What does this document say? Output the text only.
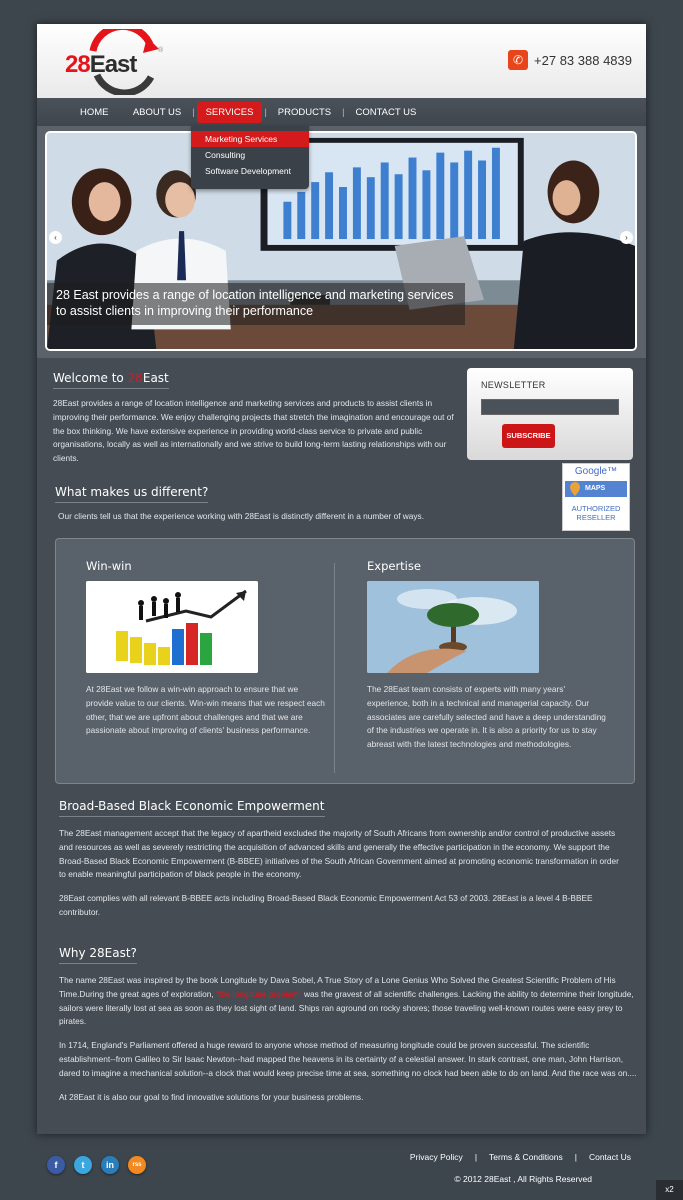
28East
®
✆ +27 83 388 4839
HOME	ABOUT US	|	SERVICES	|	PRODUCTS	|	CONTACT US
28 East provides a range of location intelligence and marketing services to assist clients in improving their performance
‹	›
Welcome to 28East

28East provides a range of location intelligence and marketing services and products to assist clients in improving their performance. We enjoy challenging projects that stretch the imagination and encourage out of the box thinking. We have extensive experience in providing world-class service to private and public organisations, locally as well as internationally and we strive to build long-term lasting relationships with our clients.

NEWSLETTER
SUBSCRIBE
Google™
MAPS
AUTHORIZED
RESELLER
What makes us different?

Our clients tell us that the experience working with 28East is distinctly different in a number of ways.

Win-win

At 28East we follow a win-win approach to ensure that we provide value to our clients. Win-win means that we respect each other, that we are upfront about challenges and that we are passionate about improving of clients' business performance.

Expertise

The 28East team consists of experts with many years' experience, both in a technical and managerial capacity. Our associates are carefully selected and have a deep understanding of the industries we operate in. It is also a priority for us to stay abreast with the latest technologies and methodologies.

Broad-Based Black Economic Empowerment

The 28East management accept that the legacy of apartheid excluded the majority of South Africans from ownership and/or control of productive assets and resources as well as severely restricting the acquisition of advanced skills and generally the effective participation in the economy. We support the Broad-Based Black Economic Empowerment (B-BBEE) initiatives of the South African Government aimed at promoting economic transformation in order to enable meaningful participation of black people in the economy.

28East complies with all relevant B-BBEE acts including Broad-Based Black Economic Empowerment Act 53 of 2003. 28East is a level 4 B-BBEE contributor.

Why 28East?

The name 28East was inspired by the book Longitude by Dava Sobel, A True Story of a Lone Genius Who Solved the Greatest Scientific Problem of His Time.During the great ages of exploration, "the longitude problem" was the gravest of all scientific challenges. Lacking the ability to determine their longitude, sailors were literally lost at sea as soon as they lost sight of land. Ships ran aground on rocky shores; those traveling well-known routes were easy prey to pirates.

In 1714, England's Parliament offered a huge reward to anyone whose method of measuring longitude could be proven successful. The scientific establishment--from Galileo to Sir Isaac Newton--had mapped the heavens in its certainty of a celestial answer. In stark contrast, one man, John Harrison, dared to imagine a mechanical solution--a clock that would keep precise time at sea, something no clock had been able to do on land. And the race was on....

At 28East it is also our goal to find innovative solutions for your business problems.

f	t	in	rss
Privacy Policy | Terms & Conditions | Contact Us
© 2012 28East , All Rights Reserved
Marketing Services
Consulting
Software Development
x2
